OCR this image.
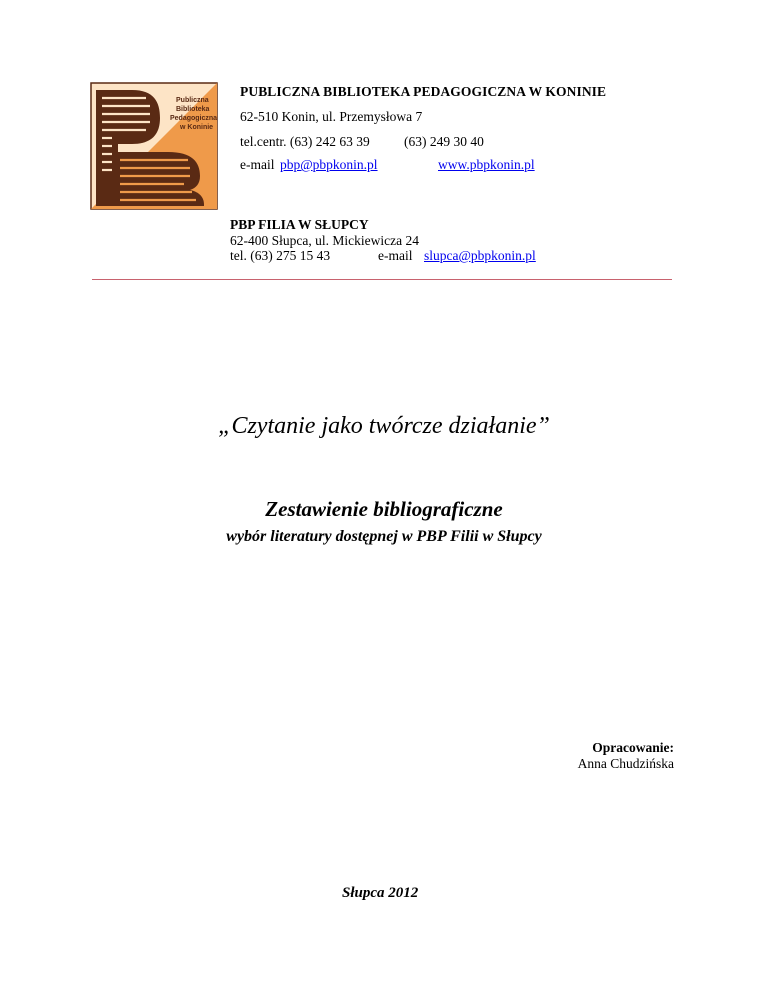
Publiczna
Biblioteka
Pedagogiczna
w Koninie
PUBLICZNA BIBLIOTEKA PEDAGOGICZNA W KONINIE
62-510 Konin, ul. Przemysłowa 7
tel.centr. (63) 242 63 39	(63) 249 30 40
e-mail pbp@pbpkonin.pl	www.pbpkonin.pl
PBP FILIA W SŁUPCY
62-400 Słupca, ul. Mickiewicza 24
tel. (63) 275 15 43	e-mail slupca@pbpkonin.pl
„Czytanie jako twórcze działanie”
Zestawienie bibliograficzne
wybór literatury dostępnej w PBP Filii w Słupcy
Opracowanie:
Anna Chudzińska
Słupca 2012
